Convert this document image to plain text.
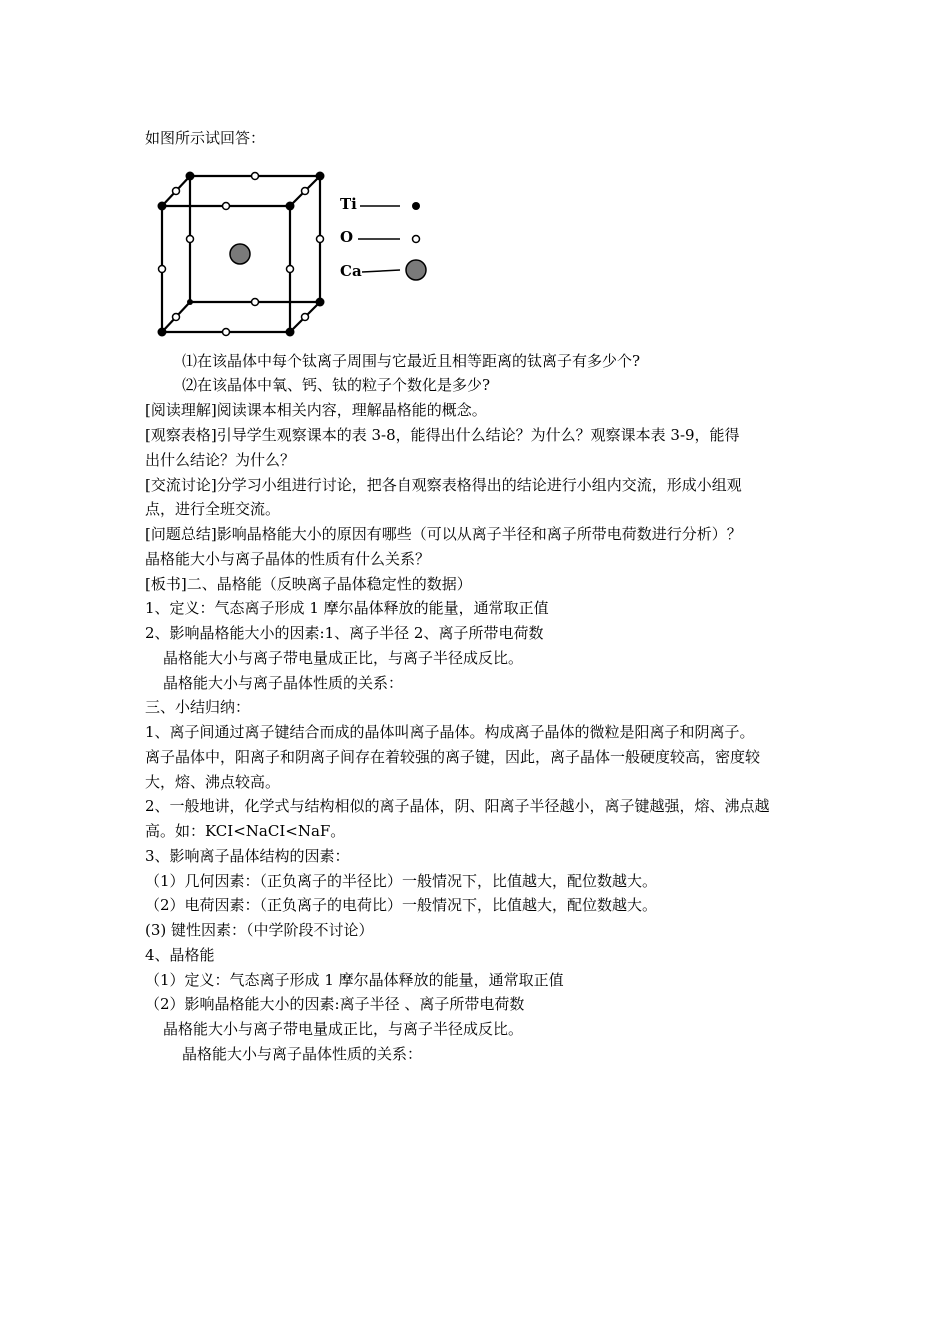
如图所示试回答：
Ti
O
Ca
⑴在该晶体中每个钛离子周围与它最近且相等距离的钛离子有多少个?
⑵在该晶体中氧、钙、钛的粒子个数化是多少?
[阅读理解]阅读课本相关内容，理解晶格能的概念。
[观察表格]引导学生观察课本的表 3-8，能得出什么结论？为什么？观察课本表 3-9，能得
出什么结论？为什么？
[交流讨论]分学习小组进行讨论，把各自观察表格得出的结论进行小组内交流，形成小组观
点，进行全班交流。
[问题总结]影响晶格能大小的原因有哪些（可以从离子半径和离子所带电荷数进行分析）？
晶格能大小与离子晶体的性质有什么关系？
[板书]二、晶格能（反映离子晶体稳定性的数据）
1、定义：气态离子形成 1 摩尔晶体释放的能量，通常取正值
2、影响晶格能大小的因素:1、离子半径 2、离子所带电荷数
晶格能大小与离子带电量成正比，与离子半径成反比。
晶格能大小与离子晶体性质的关系：
三、小结归纳：
1、离子间通过离子键结合而成的晶体叫离子晶体。构成离子晶体的微粒是阳离子和阴离子。
离子晶体中，阳离子和阴离子间存在着较强的离子键，因此，离子晶体一般硬度较高，密度较
大，熔、沸点较高。
2、一般地讲，化学式与结构相似的离子晶体，阴、阳离子半径越小，离子键越强，熔、沸点越
高。如：KCI<NaCI<NaF。
3、影响离子晶体结构的因素：
（1）几何因素：（正负离子的半径比）一般情况下，比值越大，配位数越大。
（2）电荷因素：（正负离子的电荷比）一般情况下，比值越大，配位数越大。
(3) 键性因素：（中学阶段不讨论）
4、晶格能
（1）定义：气态离子形成 1 摩尔晶体释放的能量，通常取正值
（2）影响晶格能大小的因素:离子半径 、离子所带电荷数
晶格能大小与离子带电量成正比，与离子半径成反比。
晶格能大小与离子晶体性质的关系：
